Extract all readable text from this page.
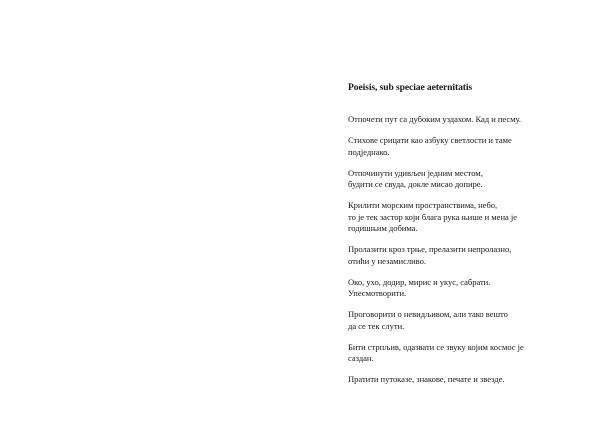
Poeisis, sub speciae aeternitatis

Отпочети пут са дубоким уздахом. Кад и песму.

Стихове срицати као азбуку светлости и таме
подједнако.

Отпочинути удивљен једним местом,
будити се свуда, докле мисао допире.

Крилити морским пространствима, небо,
то је тек застор који блага рука њише и мена је
годишњим добима.

Пролазити кроз трње, прелазити непролазно,
отићи у незамисливо.

Око, ухо, додир, мирис и укус, сабрати.
Упесмотворити.

Проговорити о невидљивом, али тако вешто
да се тек слути.

Бити стрпљив, одазвати се звуку којим космос је
саздан.

Пратити путоказе, знакове, печате и звезде.
